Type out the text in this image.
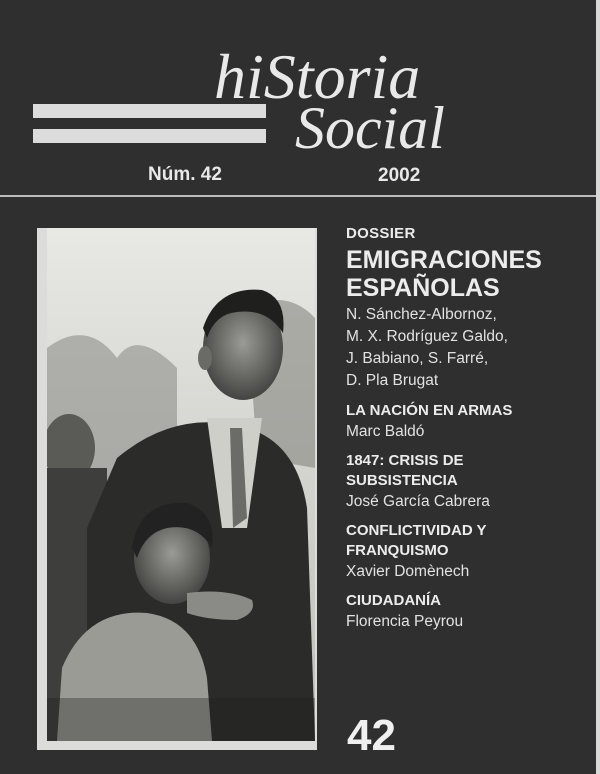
hiStoria
Social
Núm. 42	2002

DOSSIER

EMIGRACIONES
ESPAÑOLAS

N. Sánchez-Albornoz,

M. X. Rodríguez Galdo,

J. Babiano, S. Farré,

D. Pla Brugat

LA NACIÓN EN ARMAS

Marc Baldó

1847: CRISIS DE

SUBSISTENCIA

José García Cabrera

CONFLICTIVIDAD Y

FRANQUISMO

Xavier Domènech

CIUDADANÍA

Florencia Peyrou

42
